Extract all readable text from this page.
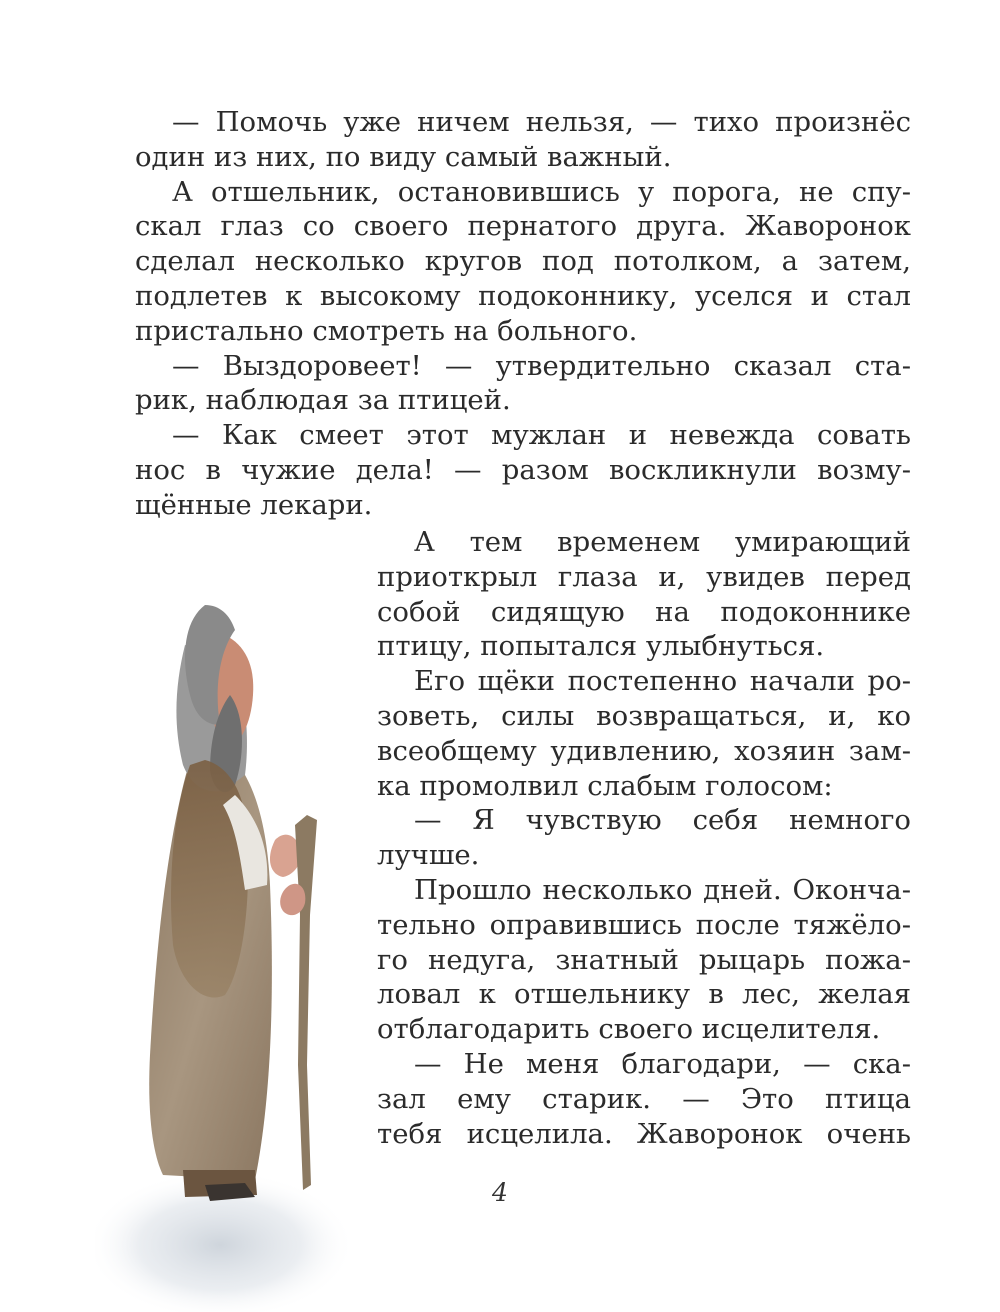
— Помочь уже ничем нельзя, — тихо произнёс
один из них, по виду самый важный.
А отшельник, остановившись у порога, не спу-
скал глаз со своего пернатого друга. Жаворонок
сделал несколько кругов под потолком, а затем,
подлетев к высокому подоконнику, уселся и стал
пристально смотреть на больного.
— Выздоровеет! — утвердительно сказал ста-
рик, наблюдая за птицей.
— Как смеет этот мужлан и невежда совать
нос в чужие дела! — разом воскликнули возму-
щённые лекари.
А тем временем умирающий
приоткрыл глаза и, увидев перед
собой сидящую на подоконнике
птицу, попытался улыбнуться.
Его щёки постепенно начали ро-
зоветь, силы возвращаться, и, ко
всеобщему удивлению, хозяин зам-
ка промолвил слабым голосом:
— Я чувствую себя немного
лучше.
Прошло несколько дней. Оконча-
тельно оправившись после тяжёло-
го недуга, знатный рыцарь пожа-
ловал к отшельнику в лес, желая
отблагодарить своего исцелителя.
— Не меня благодари, — ска-
зал ему старик. — Это птица
тебя исцелила. Жаворонок очень
4
